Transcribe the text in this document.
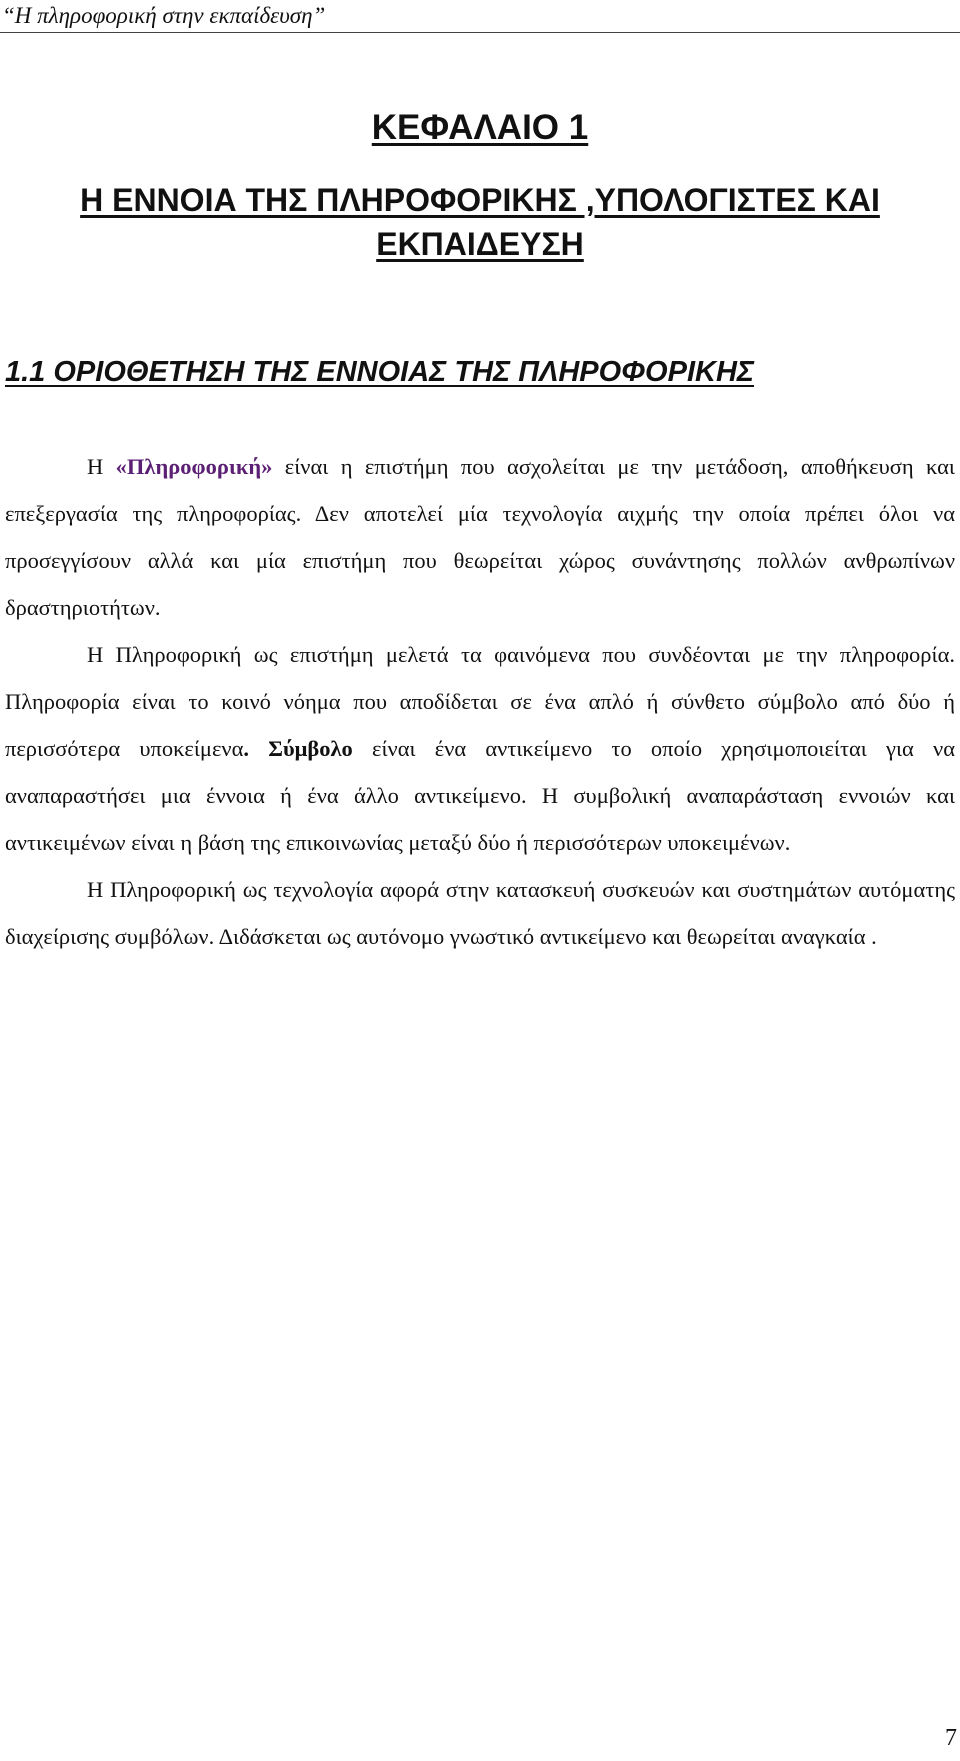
“Η πληροφορική στην εκπαίδευση”
ΚΕΦΑΛΑΙΟ 1
Η ΕΝΝΟΙΑ ΤΗΣ ΠΛΗΡΟΦΟΡΙΚΗΣ ,ΥΠΟΛΟΓΙΣΤΕΣ ΚΑΙ
ΕΚΠΑΙΔΕΥΣΗ
1.1 ΟΡΙΟΘΕΤΗΣΗ ΤΗΣ ΕΝΝΟΙΑΣ ΤΗΣ ΠΛΗΡΟΦΟΡΙΚΗΣ

Η «Πληροφορική» είναι η επιστήμη που ασχολείται με την μετάδοση, αποθήκευση και επεξεργασία της πληροφορίας. Δεν αποτελεί μία τεχνολογία αιχμής την οποία πρέπει όλοι να προσεγγίσουν αλλά και μία επιστήμη που θεωρείται χώρος συνάντησης πολλών ανθρωπίνων δραστηριοτήτων.

Η Πληροφορική ως επιστήμη μελετά τα φαινόμενα που συνδέονται με την πληροφορία. Πληροφορία είναι το κοινό νόημα που αποδίδεται σε ένα απλό ή σύνθετο σύμβολο από δύο ή περισσότερα υποκείμενα. Σύμβολο είναι ένα αντικείμενο το οποίο χρησιμοποιείται για να αναπαραστήσει μια έννοια ή ένα άλλο αντικείμενο. Η συμβολική αναπαράσταση εννοιών και αντικειμένων είναι η βάση της επικοινωνίας μεταξύ δύο ή περισσότερων υποκειμένων.

Η Πληροφορική ως τεχνολογία αφορά στην κατασκευή συσκευών και συστημάτων αυτόματης διαχείρισης συμβόλων. Διδάσκεται ως αυτόνομο γνωστικό αντικείμενο και θεωρείται αναγκαία .

7
